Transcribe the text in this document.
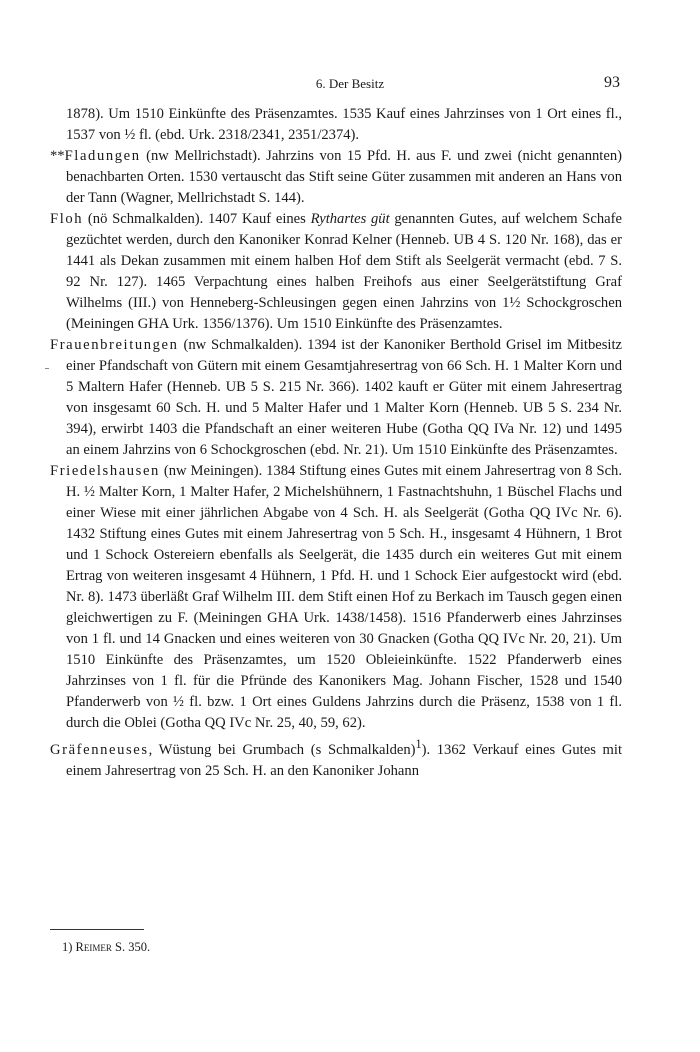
6. Der Besitz	93

1878). Um 1510 Einkünfte des Präsenzamtes. 1535 Kauf eines Jahrzinses von 1 Ort eines fl., 1537 von ½ fl. (ebd. Urk. 2318/2341, 2351/2374).

**Fladungen (nw Mellrichstadt). Jahrzins von 15 Pfd. H. aus F. und zwei (nicht genannten) benachbarten Orten. 1530 vertauscht das Stift seine Güter zusammen mit anderen an Hans von der Tann (Wagner, Mellrichstadt S. 144).

Floh (nö Schmalkalden). 1407 Kauf eines Rythartes güt genannten Gutes, auf welchem Schafe gezüchtet werden, durch den Kanoniker Konrad Kelner (Henneb. UB 4 S. 120 Nr. 168), das er 1441 als Dekan zusammen mit einem halben Hof dem Stift als Seelgerät vermacht (ebd. 7 S. 92 Nr. 127). 1465 Verpachtung eines halben Freihofs aus einer Seelgerätstiftung Graf Wilhelms (III.) von Henneberg-Schleusingen gegen einen Jahrzins von 1½ Schockgroschen (Meiningen GHA Urk. 1356/1376). Um 1510 Einkünfte des Präsenzamtes.

Frauenbreitungen (nw Schmalkalden). 1394 ist der Kanoniker Berthold Grisel im Mitbesitz einer Pfandschaft von Gütern mit einem Gesamtjahresertrag von 66 Sch. H. 1 Malter Korn und 5 Maltern Hafer (Henneb. UB 5 S. 215 Nr. 366). 1402 kauft er Güter mit einem Jahresertrag von insgesamt 60 Sch. H. und 5 Malter Hafer und 1 Malter Korn (Henneb. UB 5 S. 234 Nr. 394), erwirbt 1403 die Pfandschaft an einer weiteren Hube (Gotha QQ IVa Nr. 12) und 1495 an einem Jahrzins von 6 Schockgroschen (ebd. Nr. 21). Um 1510 Einkünfte des Präsenzamtes.

Friedelshausen (nw Meiningen). 1384 Stiftung eines Gutes mit einem Jahresertrag von 8 Sch. H. ½ Malter Korn, 1 Malter Hafer, 2 Michelshühnern, 1 Fastnachtshuhn, 1 Büschel Flachs und einer Wiese mit einer jährlichen Abgabe von 4 Sch. H. als Seelgerät (Gotha QQ IVc Nr. 6). 1432 Stiftung eines Gutes mit einem Jahresertrag von 5 Sch. H., insgesamt 4 Hühnern, 1 Brot und 1 Schock Ostereiern ebenfalls als Seelgerät, die 1435 durch ein weiteres Gut mit einem Ertrag von weiteren insgesamt 4 Hühnern, 1 Pfd. H. und 1 Schock Eier aufgestockt wird (ebd. Nr. 8). 1473 überläßt Graf Wilhelm III. dem Stift einen Hof zu Berkach im Tausch gegen einen gleichwertigen zu F. (Meiningen GHA Urk. 1438/1458). 1516 Pfanderwerb eines Jahrzinses von 1 fl. und 14 Gnacken und eines weiteren von 30 Gnacken (Gotha QQ IVc Nr. 20, 21). Um 1510 Einkünfte des Präsenzamtes, um 1520 Obleieinkünfte. 1522 Pfanderwerb eines Jahrzinses von 1 fl. für die Pfründe des Kanonikers Mag. Johann Fischer, 1528 und 1540 Pfanderwerb von ½ fl. bzw. 1 Ort eines Guldens Jahrzins durch die Präsenz, 1538 von 1 fl. durch die Oblei (Gotha QQ IVc Nr. 25, 40, 59, 62).

Gräfenneuses, Wüstung bei Grumbach (s Schmalkalden)$^1$). 1362 Verkauf eines Gutes mit einem Jahresertrag von 25 Sch. H. an den Kanoniker Johann

1) Reimer S. 350.
